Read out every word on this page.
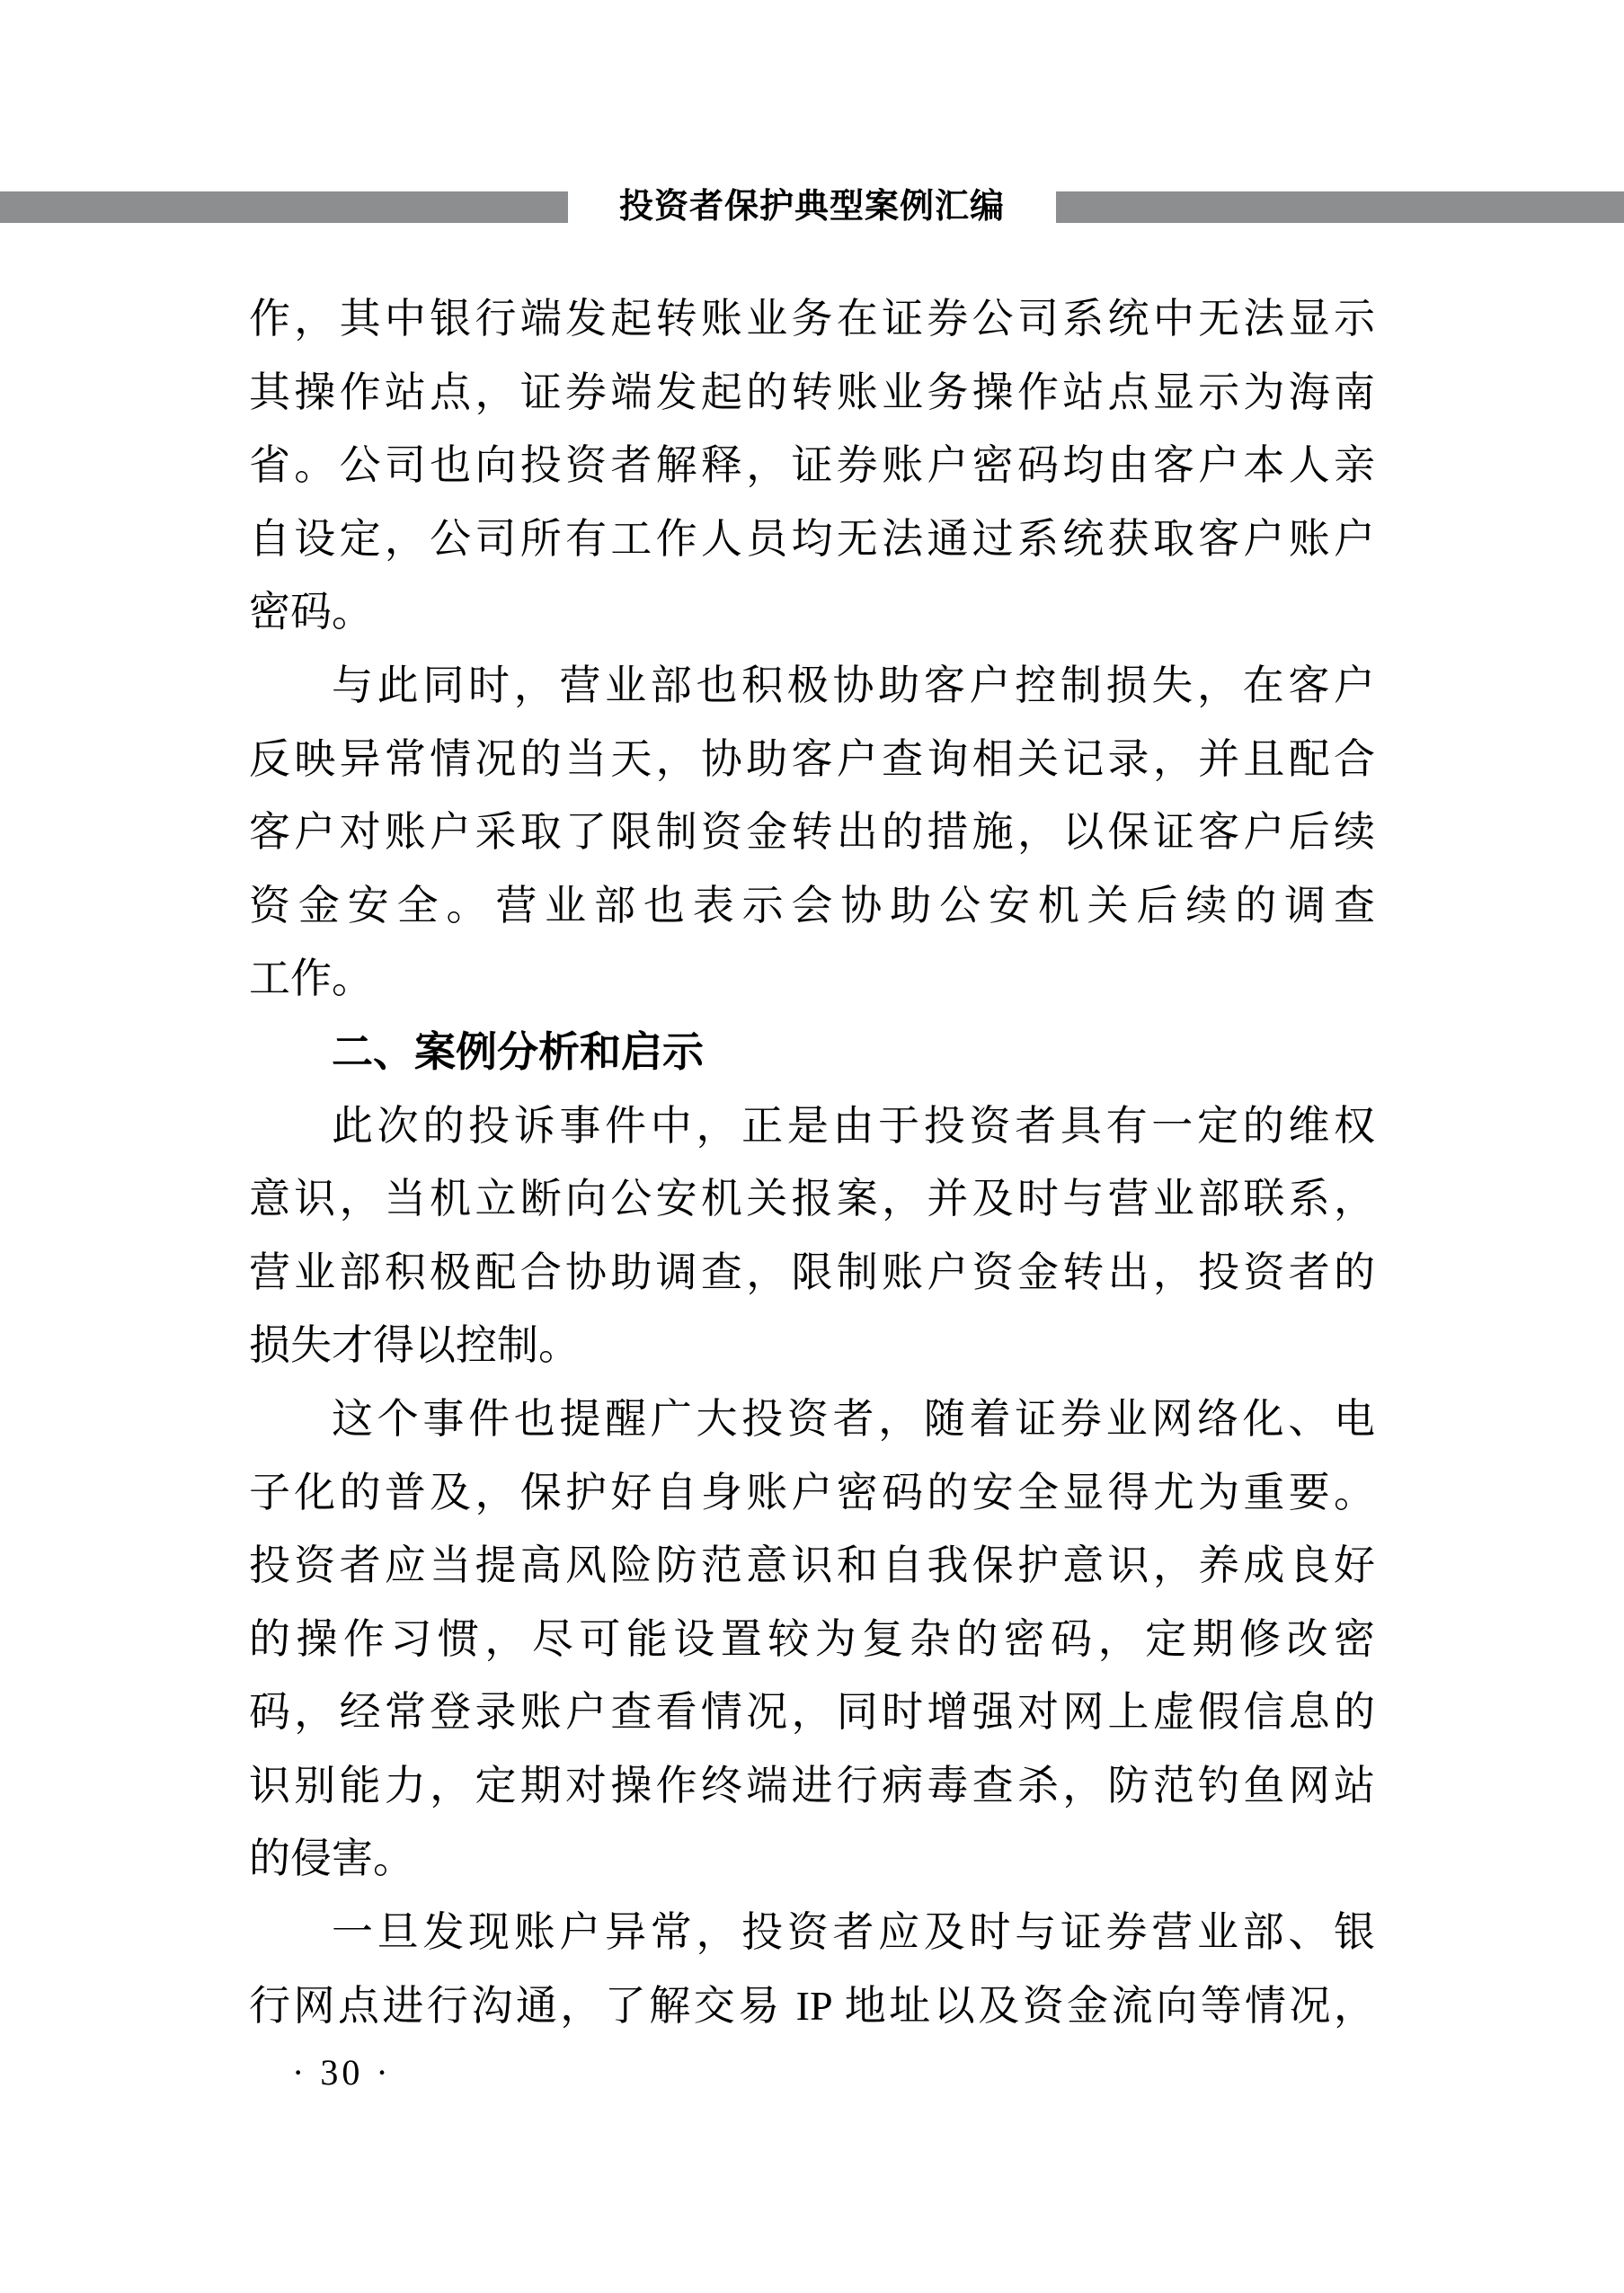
投资者保护典型案例汇编
作，其中银行端发起转账业务在证券公司系统中无法显示
其操作站点，证券端发起的转账业务操作站点显示为海南
省。公司也向投资者解释，证券账户密码均由客户本人亲
自设定，公司所有工作人员均无法通过系统获取客户账户
密码。
与此同时，营业部也积极协助客户控制损失，在客户
反映异常情况的当天，协助客户查询相关记录，并且配合
客户对账户采取了限制资金转出的措施，以保证客户后续
资金安全。营业部也表示会协助公安机关后续的调查
工作。
二、案例分析和启示
此次的投诉事件中，正是由于投资者具有一定的维权
意识，当机立断向公安机关报案，并及时与营业部联系，
营业部积极配合协助调查，限制账户资金转出，投资者的
损失才得以控制。
这个事件也提醒广大投资者，随着证券业网络化、电
子化的普及，保护好自身账户密码的安全显得尤为重要。
投资者应当提高风险防范意识和自我保护意识，养成良好
的操作习惯，尽可能设置较为复杂的密码，定期修改密
码，经常登录账户查看情况，同时增强对网上虚假信息的
识别能力，定期对操作终端进行病毒查杀，防范钓鱼网站
的侵害。
一旦发现账户异常，投资者应及时与证券营业部、银
行网点进行沟通，了解交易 IP 地址以及资金流向等情况，
· 30 ·
